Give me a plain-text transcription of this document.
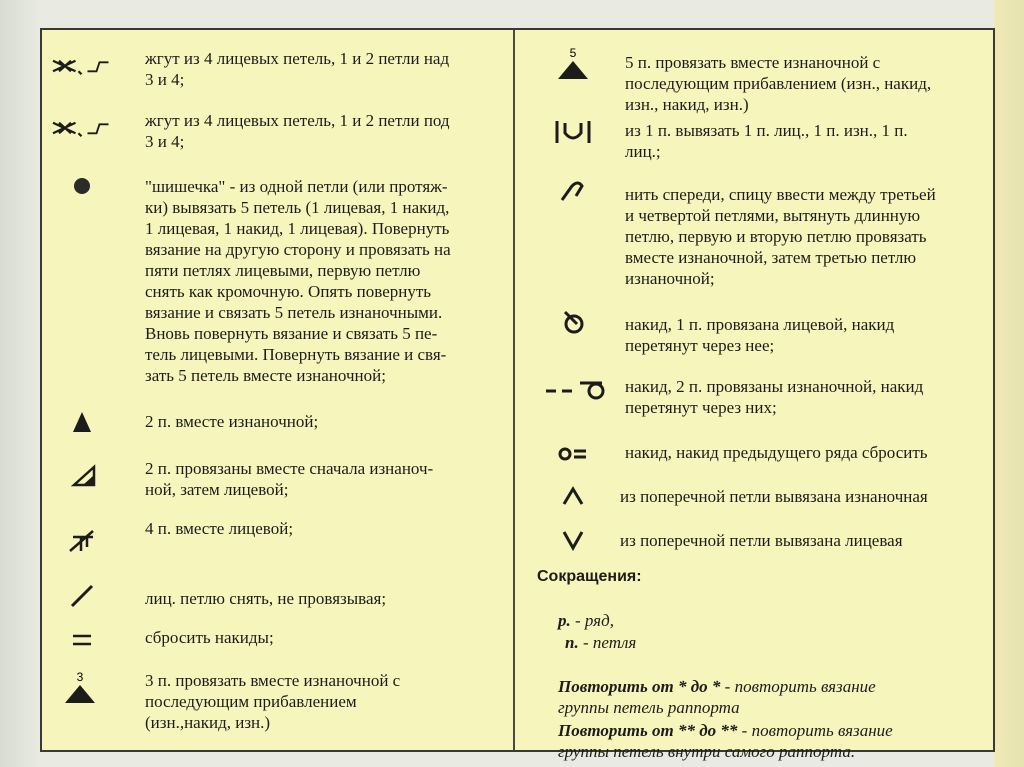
жгут из 4 лицевых петель, 1 и 2 петли над
3 и 4;
жгут из 4 лицевых петель, 1 и 2 петли под
3 и 4;
"шишечка" - из одной петли (или протяж-
ки) вывязать 5 петель (1 лицевая, 1 накид,
1 лицевая, 1 накид, 1 лицевая). Повернуть
вязание на другую сторону и провязать на
пяти петлях лицевыми, первую петлю
снять как кромочную. Опять повернуть
вязание и связать 5 петель изнаночными.
Вновь повернуть вязание и связать 5 пе-
тель лицевыми. Повернуть вязание и свя-
зать 5 петель вместе изнаночной;
2 п. вместе изнаночной;
2 п. провязаны вместе сначала изнаноч-
ной, затем лицевой;
4 п. вместе лицевой;
лиц. петлю снять, не провязывая;
сбросить накиды;
3	3 п. провязать вместе изнаночной с
последующим прибавлением
(изн.,накид, изн.)
5	5 п. провязать вместе изнаночной с
последующим прибавлением (изн., накид,
изн., накид, изн.)
из 1 п. вывязать 1 п. лиц., 1 п. изн., 1 п.
лиц.;
нить спереди, спицу ввести между третьей
и четвертой петлями, вытянуть длинную
петлю, первую и вторую петлю провязать
вместе изнаночной, затем третью петлю
изнаночной;
накид, 1 п. провязана лицевой, накид
перетянут через нее;
накид, 2 п. провязаны изнаночной, накид
перетянут через них;
накид, накид предыдущего ряда сбросить
из поперечной петли вывязана изнаночная
из поперечной петли вывязана лицевая
Сокращения:
р. - ряд,
п. - петля

Повторить от * до * - повторить вязание
группы петель раппорта

Повторить от ** до ** - повторить вязание
группы петель внутри самого раппорта.
